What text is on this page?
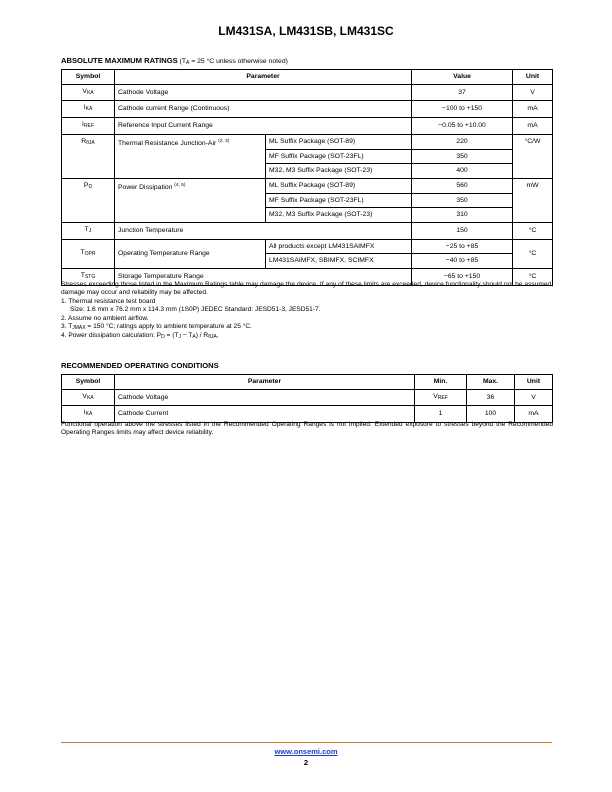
LM431SA, LM431SB, LM431SC
ABSOLUTE MAXIMUM RATINGS ($T_A = 25$ °C unless otherwise noted)
Symbol	Parameter		Value	Unit
$V_{KA}$	Cathode Voltage		37	V
$I_{KA}$	Cathode current Range (Continuous)		−100 to +150	mA
$I_{REF}$	Reference Input Current Range		−0.05 to +10.00	mA
$R_{\theta JA}$	Thermal Resistance Junction-Air $^{(2, 3)}$	ML Suffix Package (SOT-89)	220	°C/W
		MF Suffix Package (SOT-23FL)	350	
		M32, M3 Suffix Package (SOT-23)	400	
$P_D$	Power Dissipation $^{(4, 5)}$	ML Suffix Package (SOT-89)	560	mW
		MF Suffix Package (SOT-23FL)	350	
		M32, M3 Suffix Package (SOT-23)	310	
$T_J$	Junction Temperature		150	°C
$T_{OPR}$	Operating Temperature Range	All products except LM431SAIMFX	−25 to +85	°C
		LM431SAIMFX, SBIMFX, SCIMFX	−40 to +85	
$T_{STG}$	Storage Temperature Range		−65 to +150	°C

Stresses exceeding those listed in the Maximum Ratings table may damage the device. If any of these limits are exceeded, device functionality should not be assumed, damage may occur and reliability may be affected.

1. Thermal resistance test board

Size: 1.6 mm x 76.2 mm x 114.3 mm (1S0P) JEDEC Standard: JESD51-3, JESD51-7.

2. Assume no ambient airflow.

3. $T_{JMAX} = 150$ °C; ratings apply to ambient temperature at 25 °C.

4. Power dissipation calculation: $P_D = (T_J - T_A) / R_{\theta JA}$.

RECOMMENDED OPERATING CONDITIONS
Symbol	Parameter	Min.	Max.	Unit
$V_{KA}$	Cathode Voltage	$V_{REF}$	36	V
$I_{KA}$	Cathode Current	1	100	mA

Functional operation above the stresses listed in the Recommended Operating Ranges is not implied. Extended exposure to stresses beyond the Recommended Operating Ranges limits may affect device reliability.

www.onsemi.com
2
